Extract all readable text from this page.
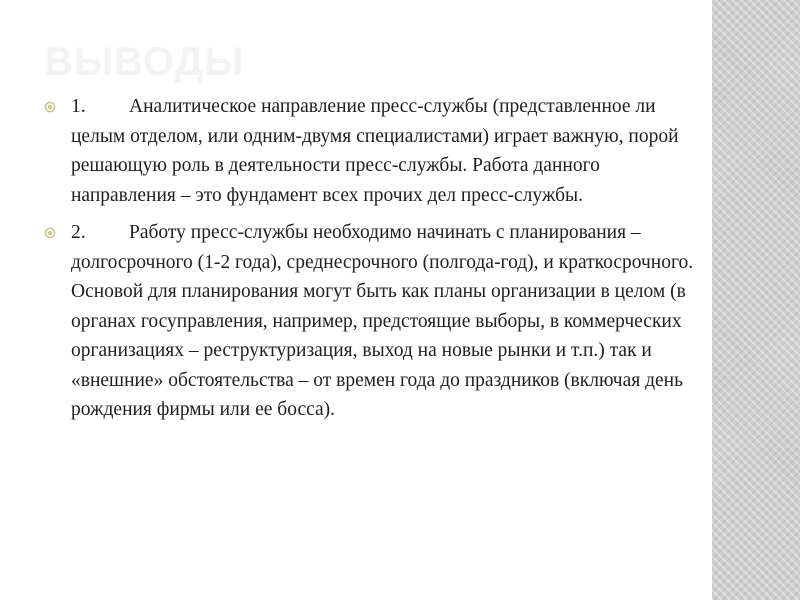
ВЫВОДЫ
1. Аналитическое направление пресс-службы (представленное ли целым отделом, или одним-двумя специалистами) играет важную, порой решающую роль в деятельности пресс-службы. Работа данного направления – это фундамент всех прочих дел пресс-службы.
2. Работу пресс-службы необходимо начинать с планирования – долгосрочного (1-2 года), среднесрочного (полгода-год), и краткосрочного. Основой для планирования могут быть как планы организации в целом (в органах госуправления, например, предстоящие выборы, в коммерческих организациях – реструктуризация, выход на новые рынки и т.п.) так и «внешние» обстоятельства – от времен года до праздников (включая день рождения фирмы или ее босса).
